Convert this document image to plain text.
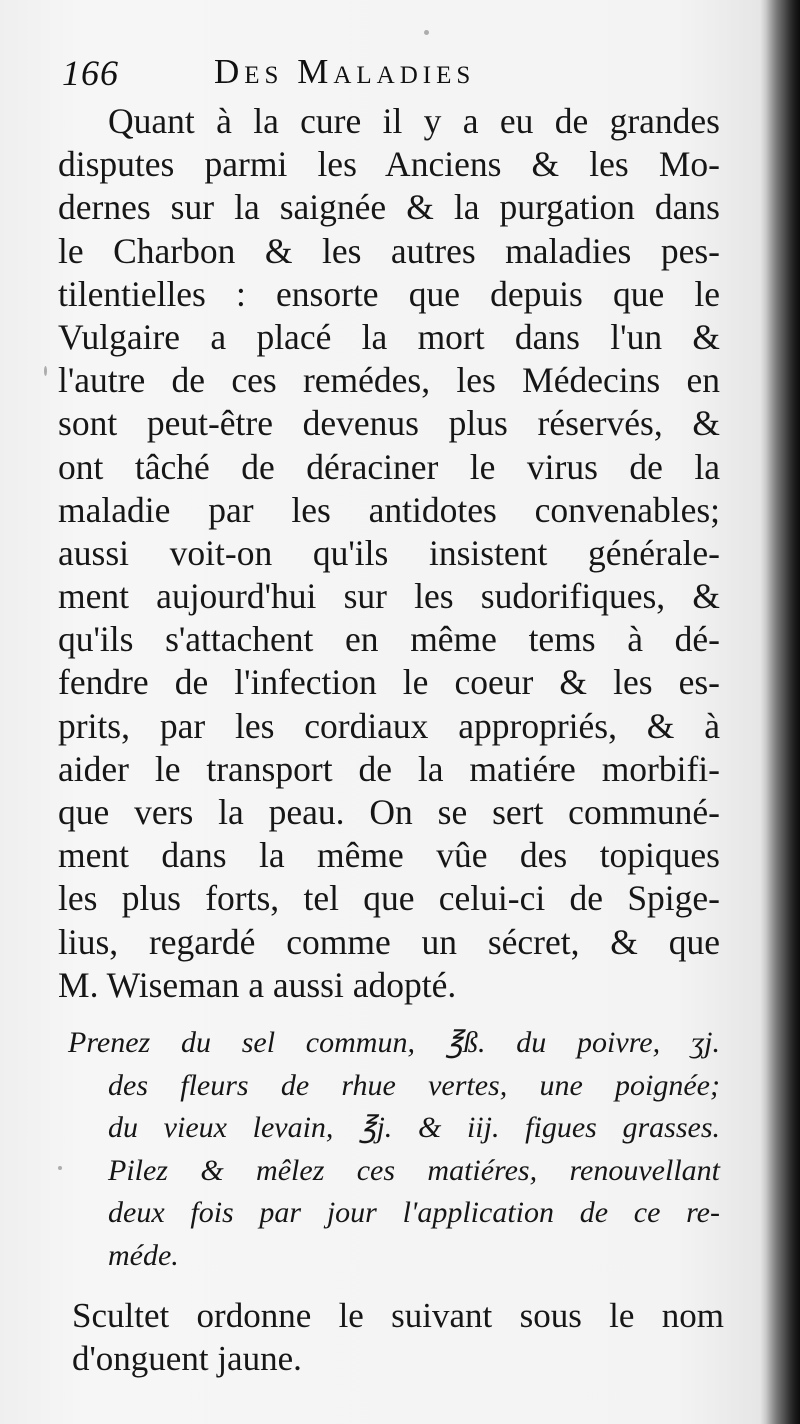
166	Des Maladies
Quant à la cure il y a eu de grandes
disputes parmi les Anciens & les Mo-
dernes sur la saignée & la purgation dans
le Charbon & les autres maladies pes-
tilentielles : ensorte que depuis que le
Vulgaire a placé la mort dans l'un &
l'autre de ces remédes, les Médecins en
sont peut-être devenus plus réservés, &
ont tâché de déraciner le virus de la
maladie par les antidotes convenables;
aussi voit-on qu'ils insistent générale-
ment aujourd'hui sur les sudorifiques, &
qu'ils s'attachent en même tems à dé-
fendre de l'infection le coeur & les es-
prits, par les cordiaux appropriés, & à
aider le transport de la matiére morbifi-
que vers la peau. On se sert communé-
ment dans la même vûe des topiques
les plus forts, tel que celui-ci de Spige-
lius, regardé comme un sécret, & que
M. Wiseman a aussi adopté.
Prenez du sel commun, ℥ß. du poivre, ʒj.
des fleurs de rhue vertes, une poignée;
du vieux levain, ℥j. & iij. figues grasses.
Pilez & mêlez ces matiéres, renouvellant
deux fois par jour l'application de ce re-
méde.
Scultet ordonne le suivant sous le nom
d'onguent jaune.
